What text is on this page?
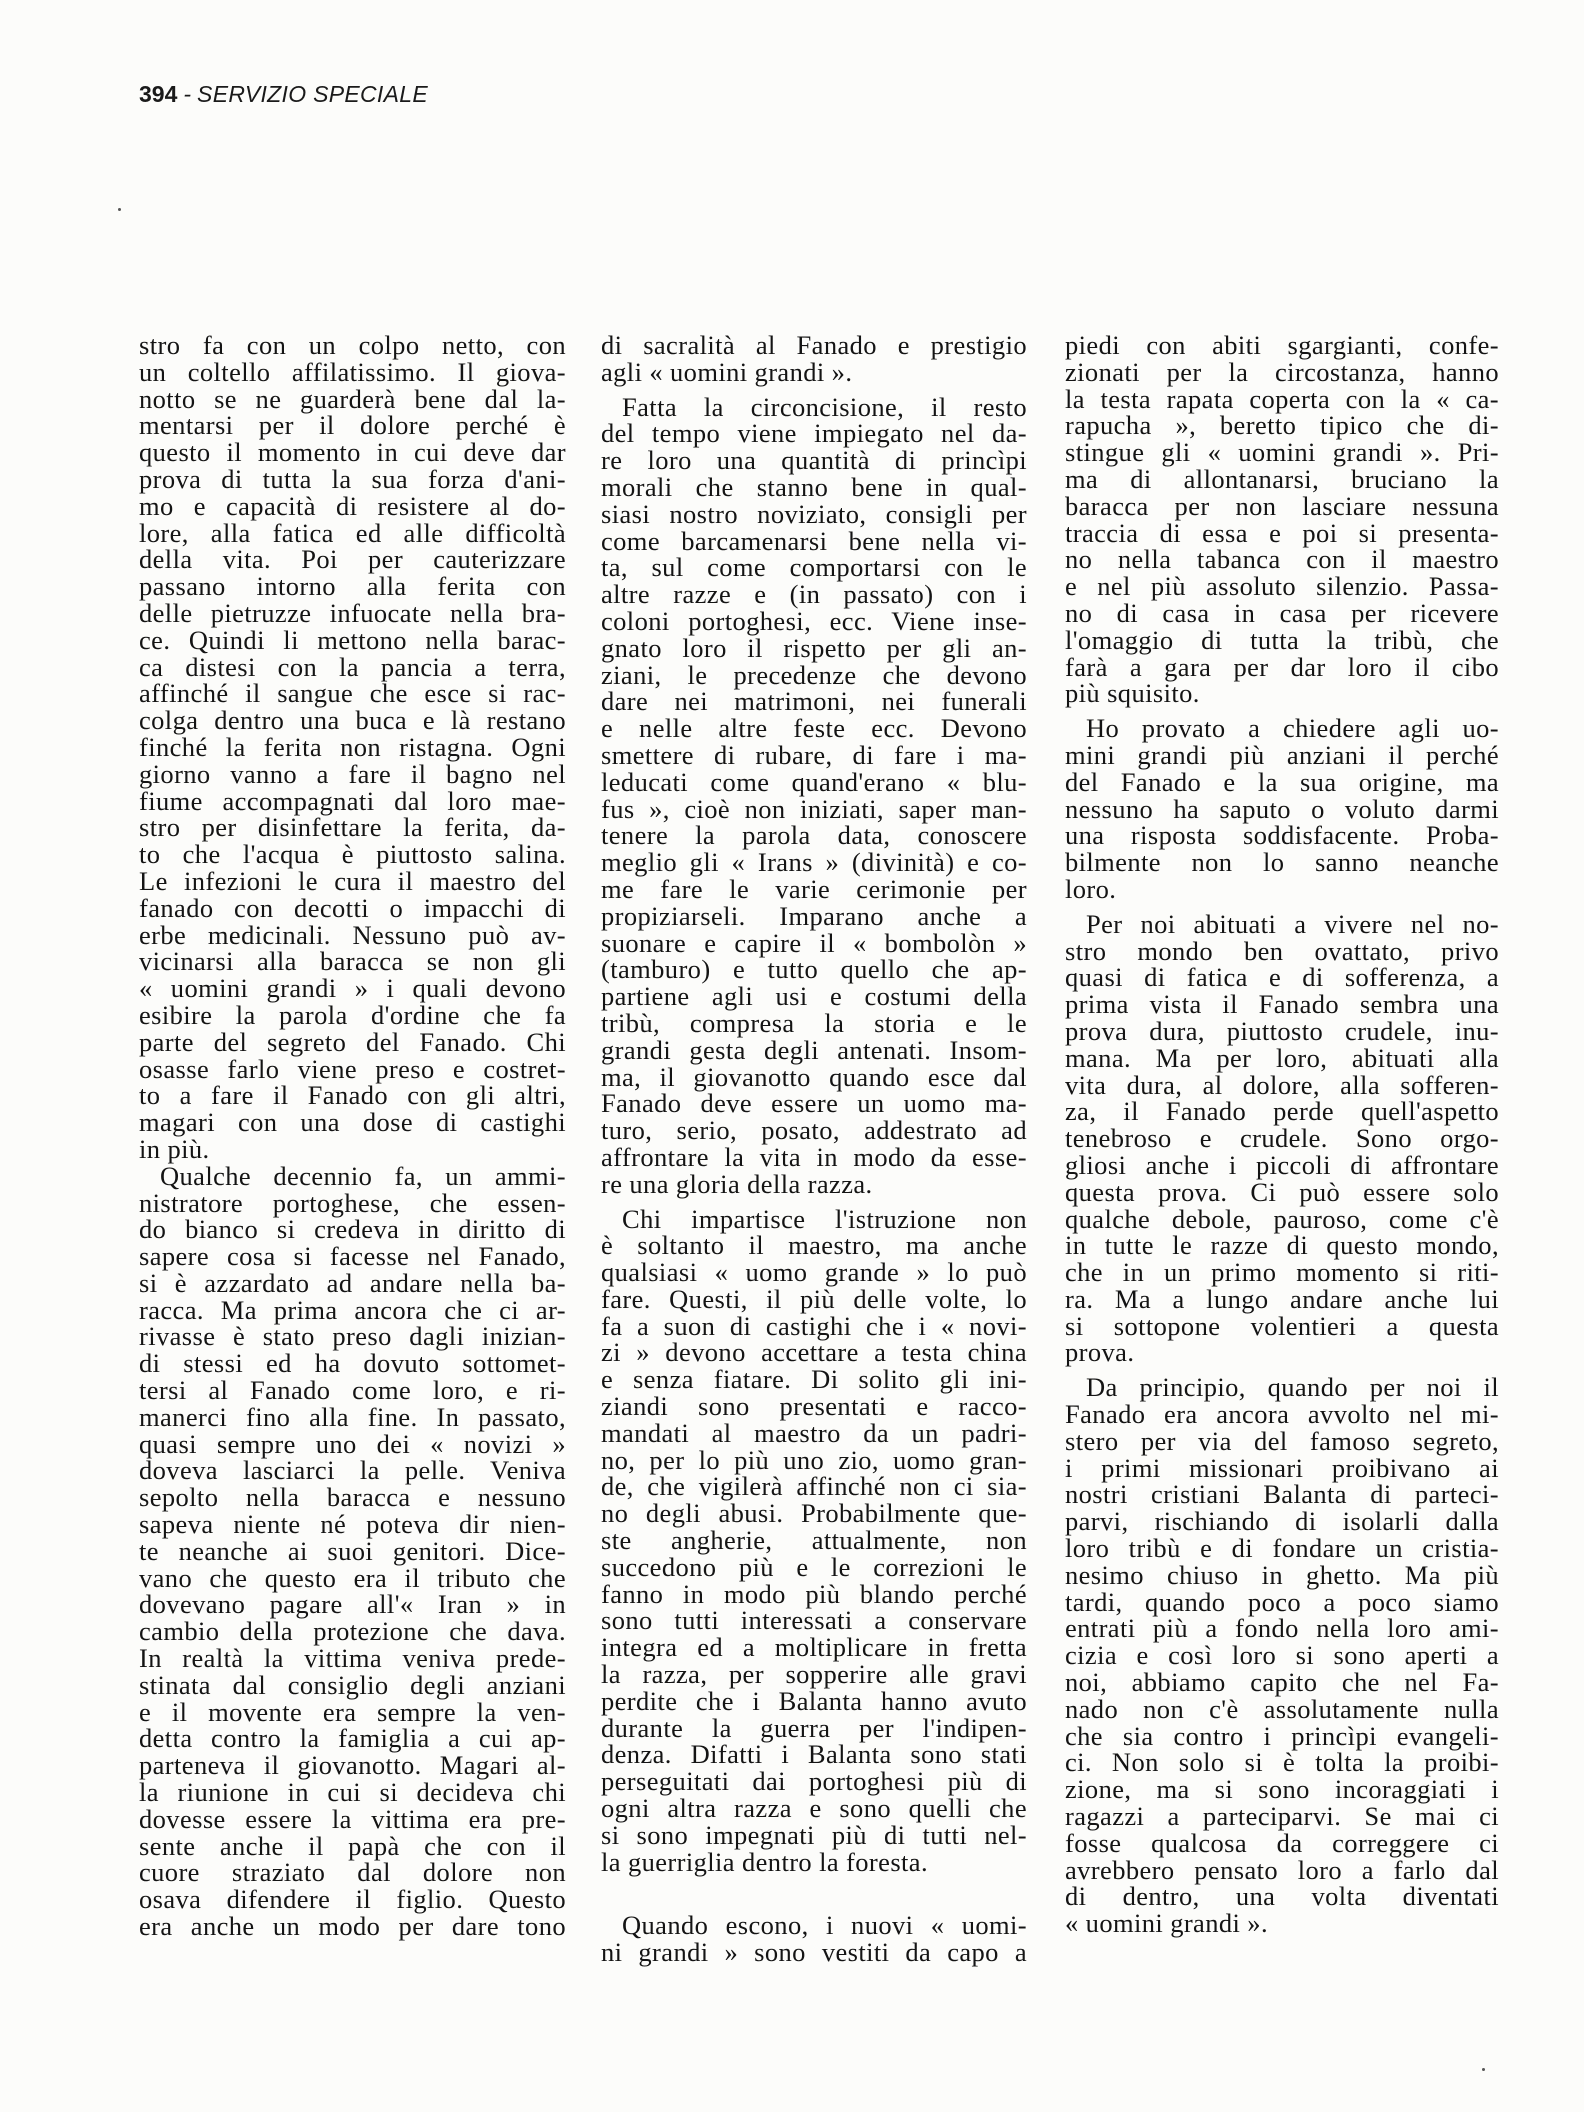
394 - SERVIZIO SPECIALE
stro fa con un colpo netto, con
un coltello affilatissimo. Il giova-
notto se ne guarderà bene dal la-
mentarsi per il dolore perché è
questo il momento in cui deve dar
prova di tutta la sua forza d'ani-
mo e capacità di resistere al do-
lore, alla fatica ed alle difficoltà
della vita. Poi per cauterizzare
passano intorno alla ferita con
delle pietruzze infuocate nella bra-
ce. Quindi li mettono nella barac-
ca distesi con la pancia a terra,
affinché il sangue che esce si rac-
colga dentro una buca e là restano
finché la ferita non ristagna. Ogni
giorno vanno a fare il bagno nel
fiume accompagnati dal loro mae-
stro per disinfettare la ferita, da-
to che l'acqua è piuttosto salina.
Le infezioni le cura il maestro del
fanado con decotti o impacchi di
erbe medicinali. Nessuno può av-
vicinarsi alla baracca se non gli
« uomini grandi » i quali devono
esibire la parola d'ordine che fa
parte del segreto del Fanado. Chi
osasse farlo viene preso e costret-
to a fare il Fanado con gli altri,
magari con una dose di castighi
in più.
Qualche decennio fa, un ammi-
nistratore portoghese, che essen-
do bianco si credeva in diritto di
sapere cosa si facesse nel Fanado,
si è azzardato ad andare nella ba-
racca. Ma prima ancora che ci ar-
rivasse è stato preso dagli inizian-
di stessi ed ha dovuto sottomet-
tersi al Fanado come loro, e ri-
manerci fino alla fine. In passato,
quasi sempre uno dei « novizi »
doveva lasciarci la pelle. Veniva
sepolto nella baracca e nessuno
sapeva niente né poteva dir nien-
te neanche ai suoi genitori. Dice-
vano che questo era il tributo che
dovevano pagare all'« Iran » in
cambio della protezione che dava.
In realtà la vittima veniva prede-
stinata dal consiglio degli anziani
e il movente era sempre la ven-
detta contro la famiglia a cui ap-
parteneva il giovanotto. Magari al-
la riunione in cui si decideva chi
dovesse essere la vittima era pre-
sente anche il papà che con il
cuore straziato dal dolore non
osava difendere il figlio. Questo
era anche un modo per dare tono
di sacralità al Fanado e prestigio
agli « uomini grandi ».
Fatta la circoncisione, il resto
del tempo viene impiegato nel da-
re loro una quantità di princìpi
morali che stanno bene in qual-
siasi nostro noviziato, consigli per
come barcamenarsi bene nella vi-
ta, sul come comportarsi con le
altre razze e (in passato) con i
coloni portoghesi, ecc. Viene inse-
gnato loro il rispetto per gli an-
ziani, le precedenze che devono
dare nei matrimoni, nei funerali
e nelle altre feste ecc. Devono
smettere di rubare, di fare i ma-
leducati come quand'erano « blu-
fus », cioè non iniziati, saper man-
tenere la parola data, conoscere
meglio gli « Irans » (divinità) e co-
me fare le varie cerimonie per
propiziarseli. Imparano anche a
suonare e capire il « bombolòn »
(tamburo) e tutto quello che ap-
partiene agli usi e costumi della
tribù, compresa la storia e le
grandi gesta degli antenati. Insom-
ma, il giovanotto quando esce dal
Fanado deve essere un uomo ma-
turo, serio, posato, addestrato ad
affrontare la vita in modo da esse-
re una gloria della razza.
Chi impartisce l'istruzione non
è soltanto il maestro, ma anche
qualsiasi « uomo grande » lo può
fare. Questi, il più delle volte, lo
fa a suon di castighi che i « novi-
zi » devono accettare a testa china
e senza fiatare. Di solito gli ini-
ziandi sono presentati e racco-
mandati al maestro da un padri-
no, per lo più uno zio, uomo gran-
de, che vigilerà affinché non ci sia-
no degli abusi. Probabilmente que-
ste angherie, attualmente, non
succedono più e le correzioni le
fanno in modo più blando perché
sono tutti interessati a conservare
integra ed a moltiplicare in fretta
la razza, per sopperire alle gravi
perdite che i Balanta hanno avuto
durante la guerra per l'indipen-
denza. Difatti i Balanta sono stati
perseguitati dai portoghesi più di
ogni altra razza e sono quelli che
si sono impegnati più di tutti nel-
la guerriglia dentro la foresta.
Quando escono, i nuovi « uomi-
ni grandi » sono vestiti da capo a
piedi con abiti sgargianti, confe-
zionati per la circostanza, hanno
la testa rapata coperta con la « ca-
rapucha », beretto tipico che di-
stingue gli « uomini grandi ». Pri-
ma di allontanarsi, bruciano la
baracca per non lasciare nessuna
traccia di essa e poi si presenta-
no nella tabanca con il maestro
e nel più assoluto silenzio. Passa-
no di casa in casa per ricevere
l'omaggio di tutta la tribù, che
farà a gara per dar loro il cibo
più squisito.
Ho provato a chiedere agli uo-
mini grandi più anziani il perché
del Fanado e la sua origine, ma
nessuno ha saputo o voluto darmi
una risposta soddisfacente. Proba-
bilmente non lo sanno neanche
loro.
Per noi abituati a vivere nel no-
stro mondo ben ovattato, privo
quasi di fatica e di sofferenza, a
prima vista il Fanado sembra una
prova dura, piuttosto crudele, inu-
mana. Ma per loro, abituati alla
vita dura, al dolore, alla sofferen-
za, il Fanado perde quell'aspetto
tenebroso e crudele. Sono orgo-
gliosi anche i piccoli di affrontare
questa prova. Ci può essere solo
qualche debole, pauroso, come c'è
in tutte le razze di questo mondo,
che in un primo momento si riti-
ra. Ma a lungo andare anche lui
si sottopone volentieri a questa
prova.
Da principio, quando per noi il
Fanado era ancora avvolto nel mi-
stero per via del famoso segreto,
i primi missionari proibivano ai
nostri cristiani Balanta di parteci-
parvi, rischiando di isolarli dalla
loro tribù e di fondare un cristia-
nesimo chiuso in ghetto. Ma più
tardi, quando poco a poco siamo
entrati più a fondo nella loro ami-
cizia e così loro si sono aperti a
noi, abbiamo capito che nel Fa-
nado non c'è assolutamente nulla
che sia contro i princìpi evangeli-
ci. Non solo si è tolta la proibi-
zione, ma si sono incoraggiati i
ragazzi a parteciparvi. Se mai ci
fosse qualcosa da correggere ci
avrebbero pensato loro a farlo dal
di dentro, una volta diventati
« uomini grandi ».
